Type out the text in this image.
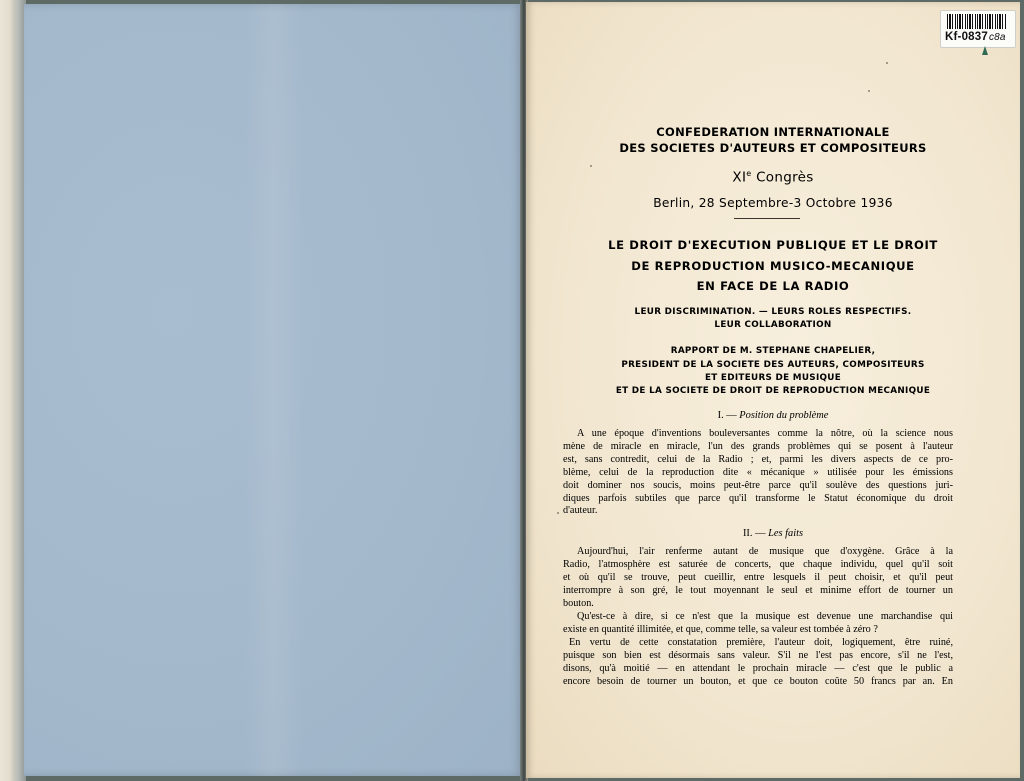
Kf-0837c8a
CONFEDERATION INTERNATIONALE
DES SOCIETES D'AUTEURS ET COMPOSITEURS
XIe Congrès
Berlin, 28 Septembre-3 Octobre 1936
LE DROIT D'EXECUTION PUBLIQUE ET LE DROIT
DE REPRODUCTION MUSICO-MECANIQUE
EN FACE DE LA RADIO
LEUR DISCRIMINATION. — LEURS ROLES RESPECTIFS.
LEUR COLLABORATION
RAPPORT DE M. STEPHANE CHAPELIER,
PRESIDENT DE LA SOCIETE DES AUTEURS, COMPOSITEURS
ET EDITEURS DE MUSIQUE
ET DE LA SOCIETE DE DROIT DE REPRODUCTION MECANIQUE
I. — Position du problème
A une époque d'inventions bouleversantes comme la nôtre, où la science nous
mène de miracle en miracle, l'un des grands problèmes qui se posent à l'auteur
est, sans contredit, celui de la Radio ; et, parmi les divers aspects de ce pro-
blème, celui de la reproduction dite « mécanique » utilisée pour les émissions
doit dominer nos soucis, moins peut-être parce qu'il soulève des questions juri-
diques parfois subtiles que parce qu'il transforme le Statut économique du droit
d'auteur.
II. — Les faits
Aujourd'hui, l'air renferme autant de musique que d'oxygène. Grâce à la
Radio, l'atmosphère est saturée de concerts, que chaque individu, quel qu'il soit
et où qu'il se trouve, peut cueillir, entre lesquels il peut choisir, et qu'il peut
interrompre à son gré, le tout moyennant le seul et minime effort de tourner un
bouton.
Qu'est-ce à dire, si ce n'est que la musique est devenue une marchandise qui
existe en quantité illimitée, et que, comme telle, sa valeur est tombée à zéro ?
En vertu de cette constatation première, l'auteur doit, logiquement, être ruiné,
puisque son bien est désormais sans valeur. S'il ne l'est pas encore, s'il ne l'est,
disons, qu'à moitié — en attendant le prochain miracle — c'est que le public a
encore besoin de tourner un bouton, et que ce bouton coûte 50 francs par an. En
